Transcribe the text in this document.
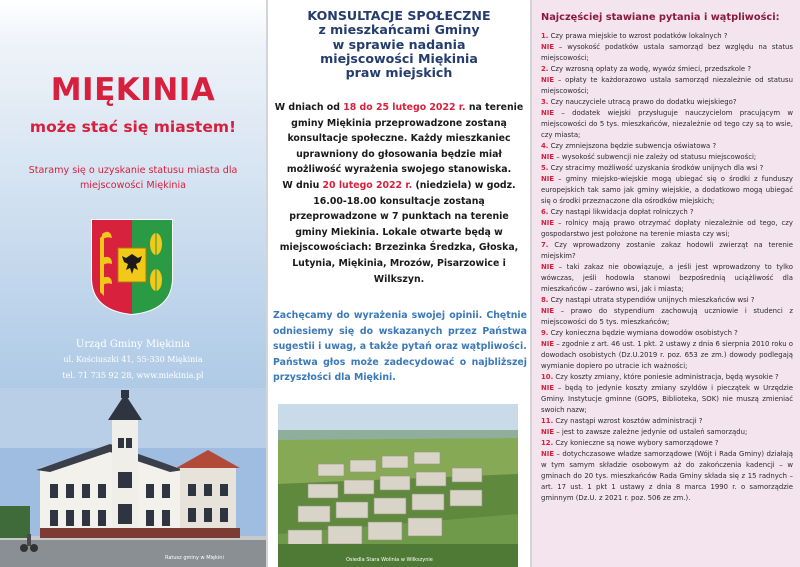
MIĘKINIA
może stać się miastem!
Staramy się o uzyskanie statusu miasta dla miejscowości Miękinia
Urząd Gminy Miękinia
ul. Kościuszki 41, 55-330 Miękinia
tel. 71 735 92 28, www.miekinia.pl
Ratusz gminy w Miękini
KONSULTACJE SPOŁECZNE
z mieszkańcami Gminy
w sprawie nadania
miejscowości Miękinia
praw miejskich
W dniach od 18 do 25 lutego 2022 r. na terenie gminy Miękinia przeprowadzone zostaną konsultacje społeczne. Każdy mieszkaniec uprawniony do głosowania będzie miał możliwość wyrażenia swojego stanowiska.
W dniu 20 lutego 2022 r. (niedziela) w godz. 16.00-18.00 konsultacje zostaną przeprowadzone w 7 punktach na terenie gminy Miekinia. Lokale otwarte będą w miejscowościach: Brzezinka Średzka, Głoska, Lutynia, Miękinia, Mrozów, Pisarzowice i Wilkszyn.
Zachęcamy do wyrażenia swojej opinii. Chętnie odniesiemy się do wskazanych przez Państwa sugestii i uwag, a także pytań oraz wątpliwości.
Państwa głos może zadecydować o najbliższej przyszłości dla Miękini.
Osiedla Stara Wolinia w Wilkszynie
Najczęściej stawiane pytania i wątpliwości:
1. Czy prawa miejskie to wzrost podatków lokalnych ?
NIE – wysokość podatków ustala samorząd bez względu na status miejscowości;
2. Czy wzrosną opłaty za wodę, wywóz śmieci, przedszkole ?
NIE – opłaty te każdorazowo ustala samorząd niezależnie od statusu miejscowości;
3. Czy nauczyciele utracą prawo do dodatku wiejskiego?
NIE – dodatek wiejski przysługuje nauczycielom pracującym w miejscowości do 5 tys. mieszkańców, niezależnie od tego czy są to wsie, czy miasta;
4. Czy zmniejszona będzie subwencja oświatowa ?
NIE – wysokość subwencji nie zależy od statusu miejscowości;
5. Czy stracimy możliwość uzyskania środków unijnych dla wsi ?
NIE – gminy miejsko-wiejskie mogą ubiegać się o środki z funduszy europejskich tak samo jak gminy wiejskie, a dodatkowo mogą ubiegać się o środki przeznaczone dla ośrodków miejskich;
6. Czy nastąpi likwidacja dopłat rolniczych ?
NIE – rolnicy mają prawo otrzymać dopłaty niezależnie od tego, czy gospodarstwo jest położone na terenie miasta czy wsi;
7. Czy wprowadzony zostanie zakaz hodowli zwierząt na terenie miejskim?
NIE – taki zakaz nie obowiązuje, a jeśli jest wprowadzony to tylko wówczas, jeśli hodowla stanowi bezpośrednią uciążliwość dla mieszkańców – zarówno wsi, jak i miasta;
8. Czy nastąpi utrata stypendiów unijnych mieszkańców wsi ?
NIE – prawo do stypendium zachowują uczniowie i studenci z miejscowości do 5 tys. mieszkańców;
9. Czy konieczna będzie wymiana dowodów osobistych ?
NIE – zgodnie z art. 46 ust. 1 pkt. 2 ustawy z dnia 6 sierpnia 2010 roku o dowodach osobistych (Dz.U.2019 r. poz. 653 ze zm.) dowody podlegają wymianie dopiero po utracie ich ważności;
10. Czy koszty zmiany, które poniesie administracja, będą wysokie ?
NIE – będą to jedynie koszty zmiany szyldów i pieczątek w Urzędzie Gminy. Instytucje gminne (GOPS, Biblioteka, SOK) nie muszą zmieniać swoich nazw;
11. Czy nastąpi wzrost kosztów administracji ?
NIE – jest to zawsze zależne jedynie od ustaleń samorządu;
12. Czy konieczne są nowe wybory samorządowe ?
NIE – dotychczasowe władze samorządowe (Wójt i Rada Gminy) działają w tym samym składzie osobowym aż do zakończenia kadencji – w gminach do 20 tys. mieszkańców Rada Gminy składa się z 15 radnych – art. 17 ust. 1 pkt 1 ustawy z dnia 8 marca 1990 r. o samorządzie gminnym (Dz.U. z 2021 r. poz. 506 ze zm.).
